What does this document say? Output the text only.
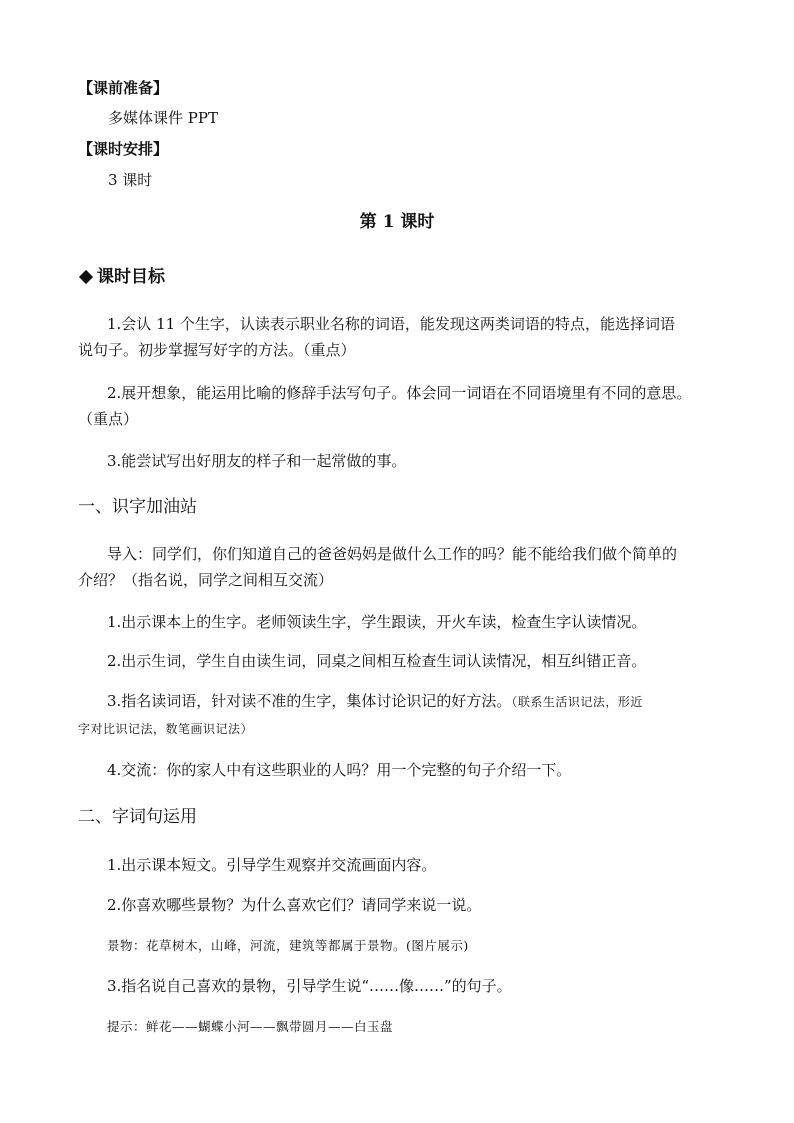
【课前准备】
多媒体课件 PPT
【课时安排】
3 课时
第 1 课时
课时目标
1.会认 11 个生字，认读表示职业名称的词语，能发现这两类词语的特点，能选择词语
说句子。初步掌握写好字的方法。（重点）
2.展开想象，能运用比喻的修辞手法写句子。体会同一词语在不同语境里有不同的意思。
（重点）
3.能尝试写出好朋友的样子和一起常做的事。
一、识字加油站
导入：同学们，你们知道自己的爸爸妈妈是做什么工作的吗？能不能给我们做个简单的
介绍？（指名说，同学之间相互交流）
1.出示课本上的生字。老师领读生字，学生跟读，开火车读，检查生字认读情况。
2.出示生词，学生自由读生词，同桌之间相互检查生词认读情况，相互纠错正音。
3.指名读词语，针对读不准的生字，集体讨论识记的好方法。（联系生活识记法，形近
字对比识记法，数笔画识记法）
4.交流：你的家人中有这些职业的人吗？用一个完整的句子介绍一下。
二、字词句运用
1.出示课本短文。引导学生观察并交流画面内容。
2.你喜欢哪些景物？为什么喜欢它们？请同学来说一说。
景物：花草树木，山峰，河流，建筑等都属于景物。(图片展示)
3.指名说自己喜欢的景物，引导学生说“……像……”的句子。
提示：鲜花——蝴蝶小河——飘带圆月——白玉盘
